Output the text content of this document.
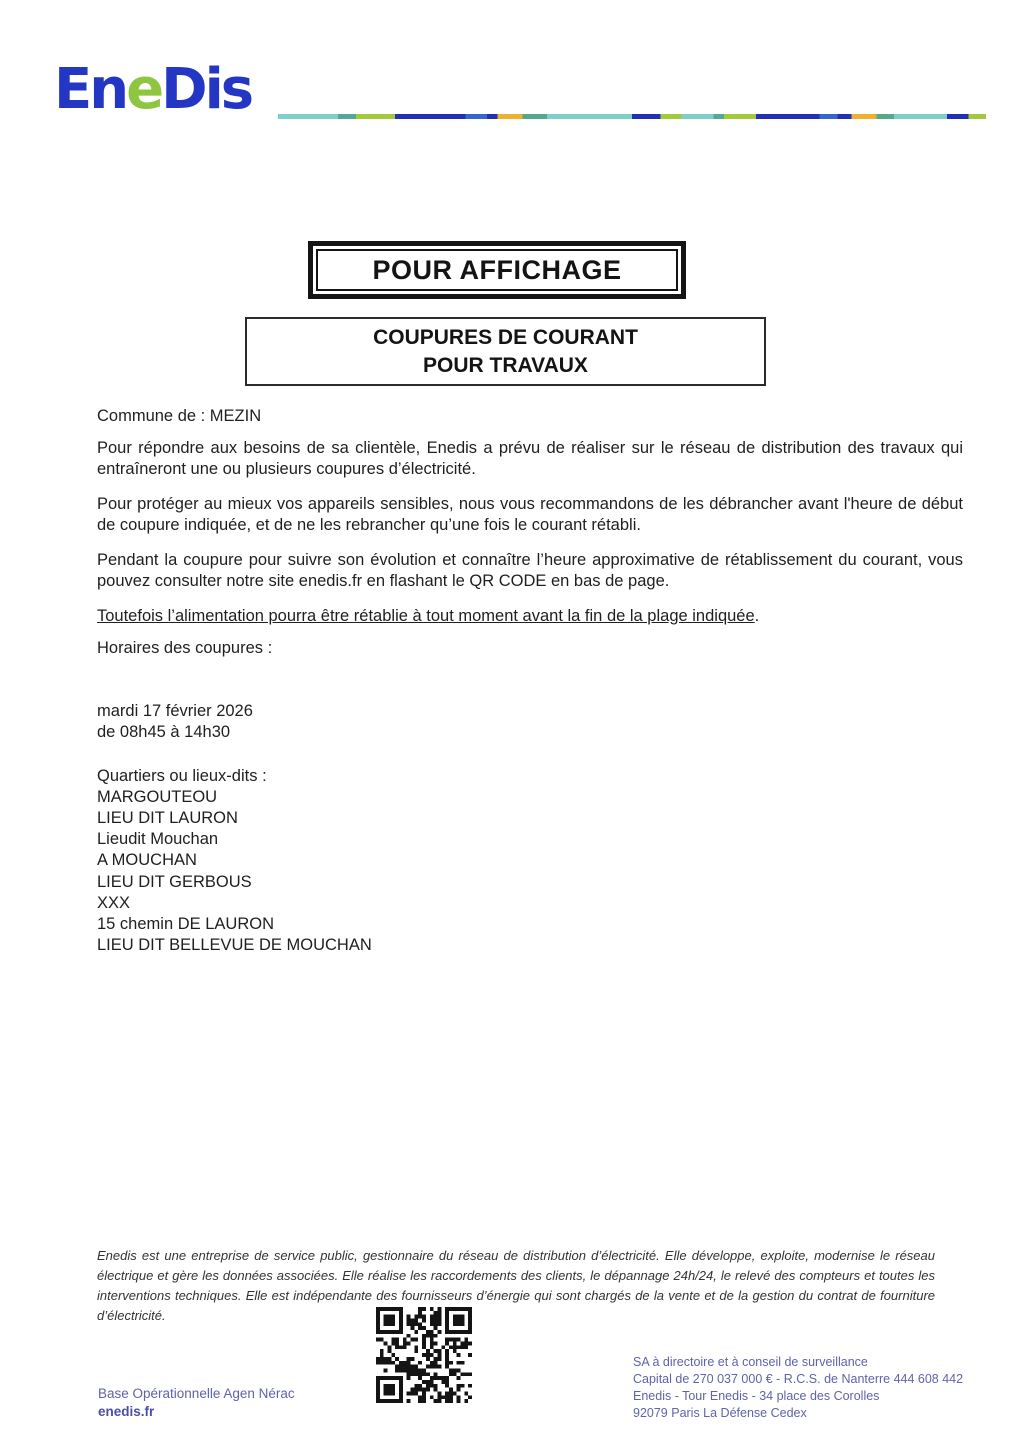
EneDis
POUR AFFICHAGE
COUPURES DE COURANT
POUR TRAVAUX

Commune de : MEZIN

Pour répondre aux besoins de sa clientèle, Enedis a prévu de réaliser sur le réseau de distribution des travaux qui entraîneront une ou plusieurs coupures d’électricité.

Pour protéger au mieux vos appareils sensibles, nous vous recommandons de les débrancher avant l'heure de début de coupure indiquée, et de ne les rebrancher qu’une fois le courant rétabli.

Pendant la coupure pour suivre son évolution et connaître l’heure approximative de rétablissement du courant, vous pouvez consulter notre site enedis.fr en flashant le QR CODE en bas de page.

Toutefois l’alimentation pourra être rétablie à tout moment avant la fin de la plage indiquée.

Horaires des coupures :

mardi 17 février 2026
de 08h45 à 14h30
Quartiers ou lieux-dits :
MARGOUTEOU
LIEU DIT LAURON
Lieudit Mouchan
A MOUCHAN
LIEU DIT GERBOUS
XXX
15 chemin DE LAURON
LIEU DIT BELLEVUE DE MOUCHAN
Enedis est une entreprise de service public, gestionnaire du réseau de distribution d’électricité. Elle développe, exploite, modernise le réseau électrique et gère les données associées. Elle réalise les raccordements des clients, le dépannage 24h/24, le relevé des compteurs et toutes les interventions techniques. Elle est indépendante des fournisseurs d’énergie qui sont chargés de la vente et de la gestion du contrat de fourniture d’électricité.
Base Opérationnelle Agen Nérac
enedis.fr
SA à directoire et à conseil de surveillance
Capital de 270 037 000 € - R.C.S. de Nanterre 444 608 442
Enedis - Tour Enedis - 34 place des Corolles
92079 Paris La Défense Cedex
